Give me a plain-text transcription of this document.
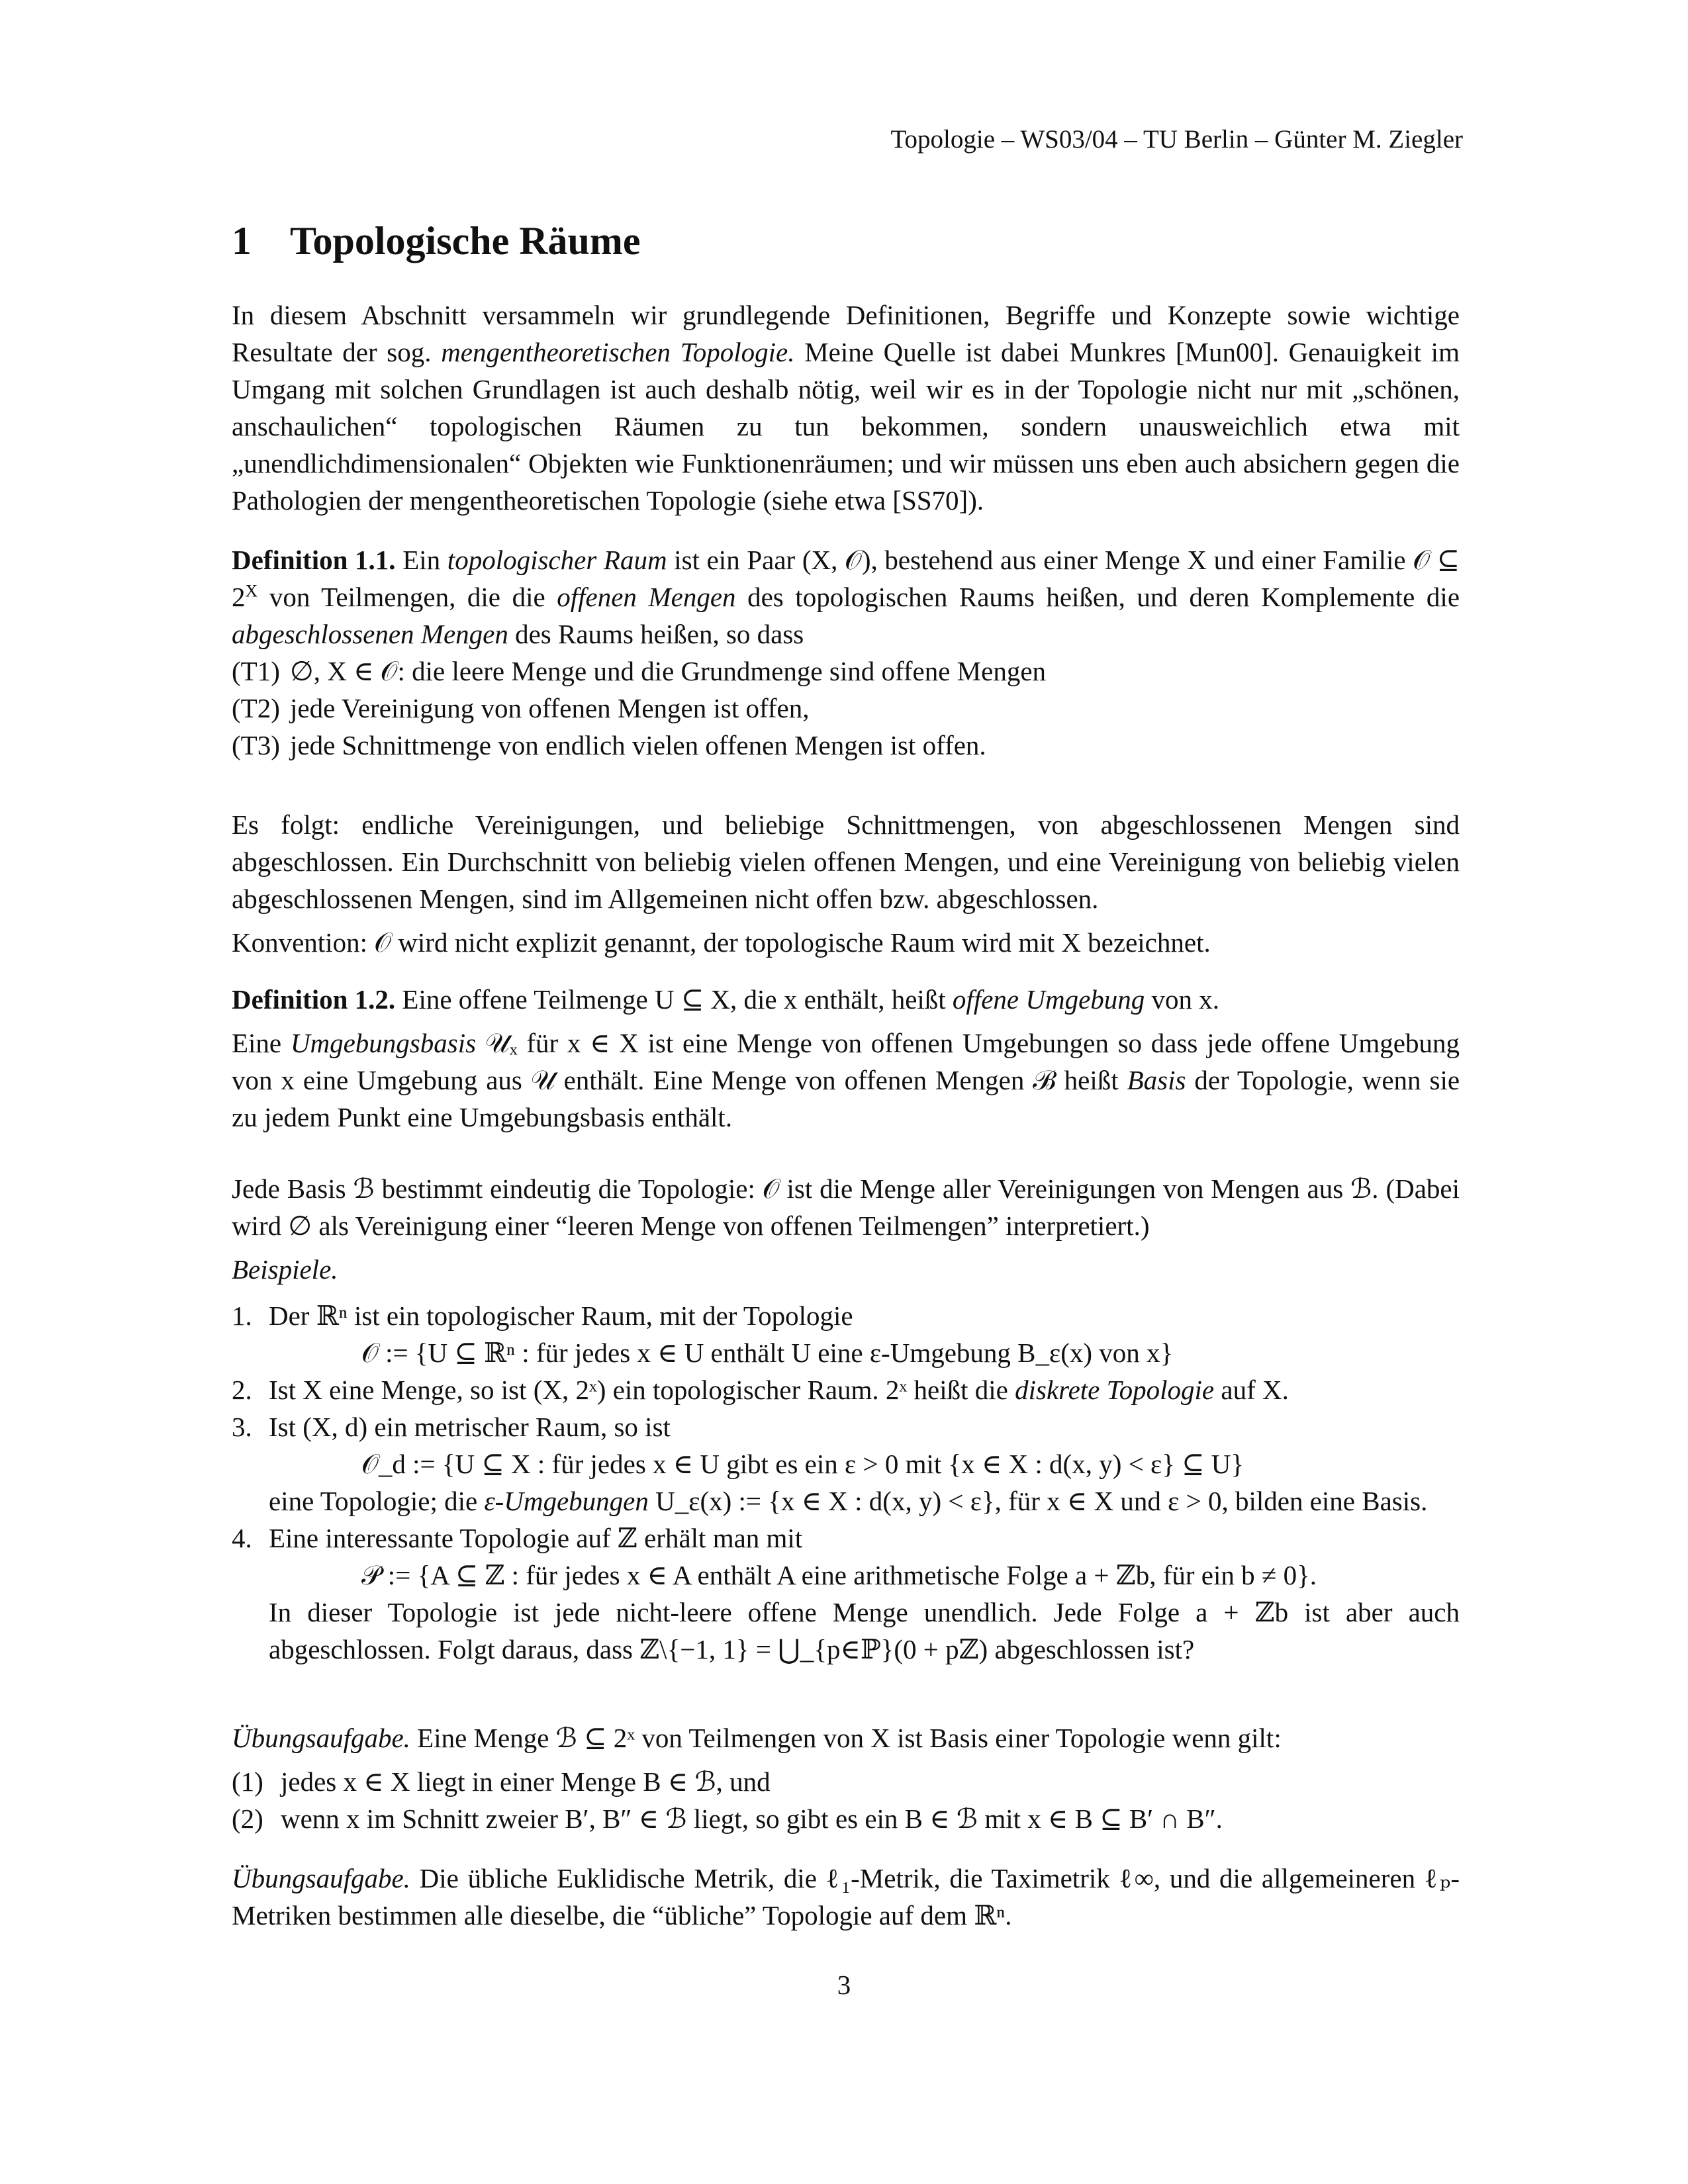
Topologie – WS03/04 – TU Berlin – Günter M. Ziegler
1 Topologische Räume

In diesem Abschnitt versammeln wir grundlegende Definitionen, Begriffe und Konzepte sowie wichtige Resultate der sog. mengentheoretischen Topologie. Meine Quelle ist dabei Munkres [Mun00]. Genauigkeit im Umgang mit solchen Grundlagen ist auch deshalb nötig, weil wir es in der Topologie nicht nur mit „schönen, anschaulichen“ topologischen Räumen zu tun bekommen, sondern unausweichlich etwa mit „unendlichdimensionalen“ Objekten wie Funktionenräumen; und wir müssen uns eben auch absichern gegen die Pathologien der mengentheoretischen Topologie (siehe etwa [SS70]).

Definition 1.1. Ein topologischer Raum ist ein Paar (X, 𝒪), bestehend aus einer Menge X und einer Familie 𝒪 ⊆ $2^X$ von Teilmengen, die die offenen Mengen des topologischen Raums heißen, und deren Komplemente die abgeschlossenen Mengen des Raums heißen, so dass

(T1) ∅, X ∈ 𝒪: die leere Menge und die Grundmenge sind offene Mengen
(T2) jede Vereinigung von offenen Mengen ist offen,
(T3) jede Schnittmenge von endlich vielen offenen Mengen ist offen.

Es folgt: endliche Vereinigungen, und beliebige Schnittmengen, von abgeschlossenen Mengen sind abgeschlossen. Ein Durchschnitt von beliebig vielen offenen Mengen, und eine Vereinigung von beliebig vielen abgeschlossenen Mengen, sind im Allgemeinen nicht offen bzw. abgeschlossen.

Konvention: 𝒪 wird nicht explizit genannt, der topologische Raum wird mit X bezeichnet.

Definition 1.2. Eine offene Teilmenge U ⊆ X, die x enthält, heißt offene Umgebung von x.

Eine Umgebungsbasis 𝒰ₓ für x ∈ X ist eine Menge von offenen Umgebungen so dass jede offene Umgebung von x eine Umgebung aus 𝒰 enthält. Eine Menge von offenen Mengen ℬ heißt Basis der Topologie, wenn sie zu jedem Punkt eine Umgebungsbasis enthält.

Jede Basis ℬ bestimmt eindeutig die Topologie: 𝒪 ist die Menge aller Vereinigungen von Mengen aus ℬ. (Dabei wird ∅ als Vereinigung einer “leeren Menge von offenen Teilmengen” interpretiert.)

Beispiele.

1. Der ℝⁿ ist ein topologischer Raum, mit der Topologie

𝒪 := {U ⊆ ℝⁿ : für jedes x ∈ U enthält U eine ε-Umgebung B_ε(x) von x}

2. Ist X eine Menge, so ist (X, 2ˣ) ein topologischer Raum. 2ˣ heißt die diskrete Topologie auf X.

3. Ist (X, d) ein metrischer Raum, so ist

𝒪_d := {U ⊆ X : für jedes x ∈ U gibt es ein ε > 0 mit {x ∈ X : d(x, y) < ε} ⊆ U}

eine Topologie; die ε-Umgebungen U_ε(x) := {x ∈ X : d(x, y) < ε}, für x ∈ X und ε > 0, bilden eine Basis.

4. Eine interessante Topologie auf ℤ erhält man mit

𝒫 := {A ⊆ ℤ : für jedes x ∈ A enthält A eine arithmetische Folge a + ℤb, für ein b ≠ 0}.

In dieser Topologie ist jede nicht-leere offene Menge unendlich. Jede Folge a + ℤb ist aber auch abgeschlossen. Folgt daraus, dass ℤ\{−1, 1} = ⋃_{p∈ℙ}(0 + pℤ) abgeschlossen ist?

Übungsaufgabe. Eine Menge ℬ ⊆ 2ˣ von Teilmengen von X ist Basis einer Topologie wenn gilt:

(1) jedes x ∈ X liegt in einer Menge B ∈ ℬ, und
(2) wenn x im Schnitt zweier B′, B″ ∈ ℬ liegt, so gibt es ein B ∈ ℬ mit x ∈ B ⊆ B′ ∩ B″.

Übungsaufgabe. Die übliche Euklidische Metrik, die ℓ₁-Metrik, die Taximetrik ℓ∞, und die allgemeineren ℓₚ-Metriken bestimmen alle dieselbe, die “übliche” Topologie auf dem ℝⁿ.

3
